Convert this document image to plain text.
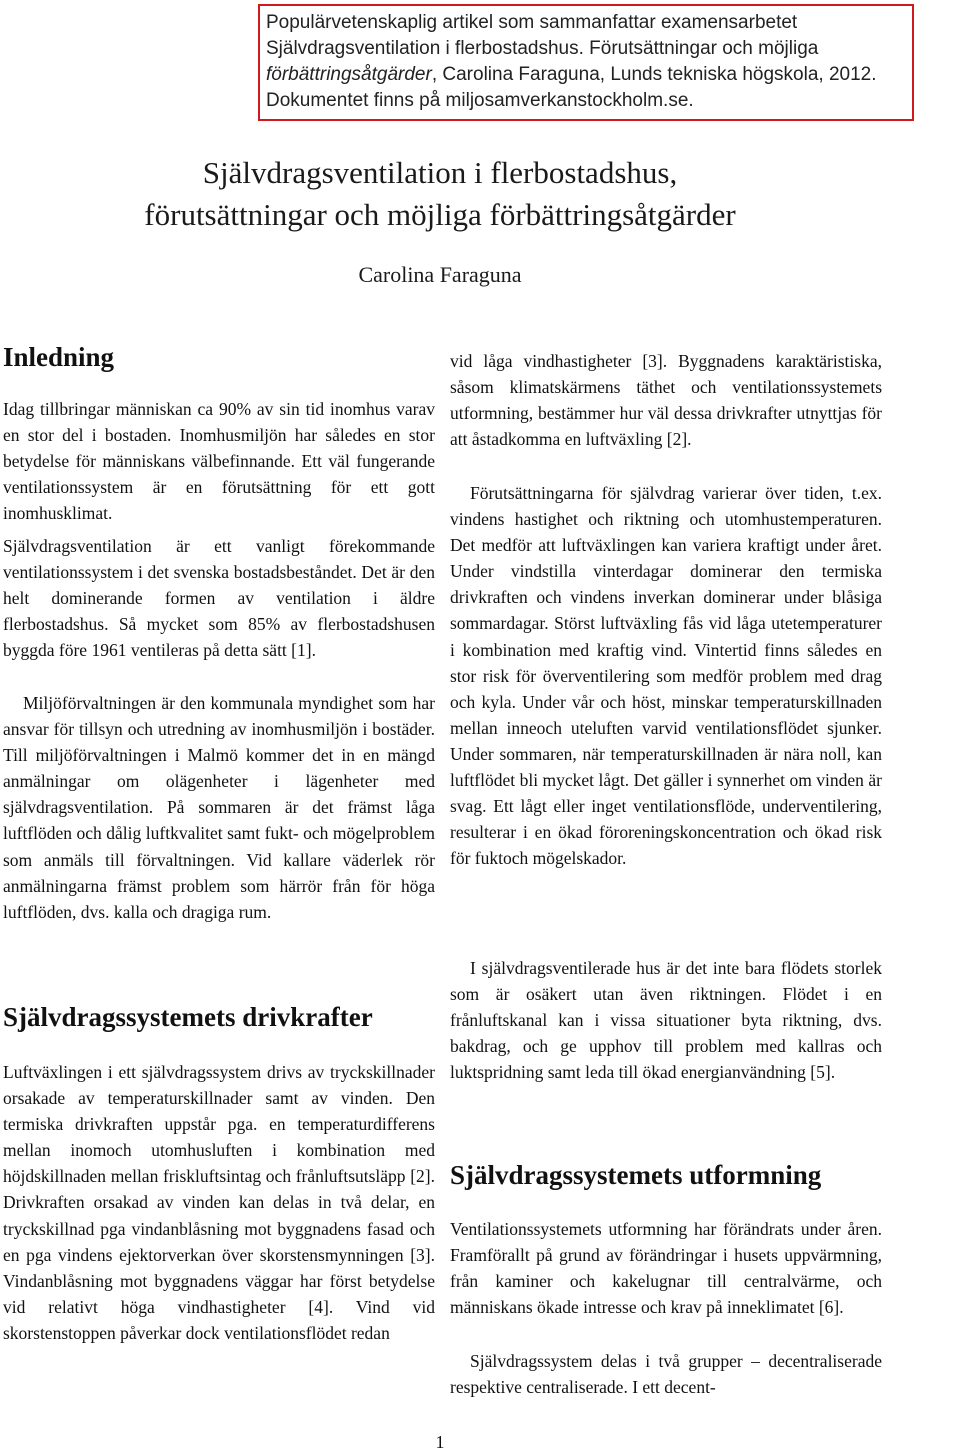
Populärvetenskaplig artikel som sammanfattar examensarbetet
Självdragsventilation i flerbostadshus. Förutsättningar och möjliga
förbättringsåtgärder, Carolina Faraguna, Lunds tekniska högskola, 2012.
Dokumentet finns på miljosamverkanstockholm.se.
Självdragsventilation i flerbostadshus,
förutsättningar och möjliga förbättringsåtgärder
Carolina Faraguna
Inledning

Idag tillbringar människan ca 90% av sin tid inomhus varav en stor del i bostaden. Inomhusmiljön har således en stor betydelse för människans välbefinnande. Ett väl fungerande ventilationssystem är en förutsättning för ett gott inomhusklimat.

Självdragsventilation är ett vanligt förekommande ventilationssystem i det svenska bostadsbeståndet. Det är den helt dominerande formen av ventilation i äldre flerbostadshus. Så mycket som 85% av flerbostadshusen byggda före 1961 ventileras på detta sätt [1].

Miljöförvaltningen är den kommunala myndighet som har ansvar för tillsyn och utredning av inomhusmiljön i bostäder. Till miljöförvaltningen i Malmö kommer det in en mängd anmälningar om olägenheter i lägenheter med självdragsventilation. På sommaren är det främst låga luftflöden och dålig luftkvalitet samt fukt- och mögelproblem som anmäls till förvaltningen. Vid kallare väderlek rör anmälningarna främst problem som härrör från för höga luftflöden, dvs. kalla och dragiga rum.

Självdragssystemets drivkrafter

Luftväxlingen i ett självdragssystem drivs av tryckskillnader orsakade av temperaturskillnader samt av vinden. Den termiska drivkraften uppstår pga. en temperaturdifferens mellan inomoch utomhusluften i kombination med höjdskillnaden mellan friskluftsintag och frånluftsutsläpp [2]. Drivkraften orsakad av vinden kan delas in två delar, en tryckskillnad pga vindanblåsning mot byggnadens fasad och en pga vindens ejektorverkan över skorstensmynningen [3]. Vindanblåsning mot byggnadens väggar har först betydelse vid relativt höga vindhastigheter [4]. Vind vid skorstenstoppen påverkar dock ventilationsflödet redan

vid låga vindhastigheter [3]. Byggnadens karaktäristiska, såsom klimatskärmens täthet och ventilationssystemets utformning, bestämmer hur väl dessa drivkrafter utnyttjas för att åstadkomma en luftväxling [2].

Förutsättningarna för självdrag varierar över tiden, t.ex. vindens hastighet och riktning och utomhustemperaturen. Det medför att luftväxlingen kan variera kraftigt under året. Under vindstilla vinterdagar dominerar den termiska drivkraften och vindens inverkan dominerar under blåsiga sommardagar. Störst luftväxling fås vid låga utetemperaturer i kombination med kraftig vind. Vintertid finns således en stor risk för överventilering som medför problem med drag och kyla. Under vår och höst, minskar temperaturskillnaden mellan inneoch uteluften varvid ventilationsflödet sjunker. Under sommaren, när temperaturskillnaden är nära noll, kan luftflödet bli mycket lågt. Det gäller i synnerhet om vinden är svag. Ett lågt eller inget ventilationsflöde, underventilering, resulterar i en ökad föroreningskoncentration och ökad risk för fuktoch mögelskador.

I självdragsventilerade hus är det inte bara flödets storlek som är osäkert utan även riktningen. Flödet i en frånluftskanal kan i vissa situationer byta riktning, dvs. bakdrag, och ge upphov till problem med kallras och luktspridning samt leda till ökad energianvändning [5].

Självdragssystemets utformning

Ventilationssystemets utformning har förändrats under åren. Framförallt på grund av förändringar i husets uppvärmning, från kaminer och kakelugnar till centralvärme, och människans ökade intresse och krav på inneklimatet [6].

Självdragssystem delas i två grupper – decentraliserade respektive centraliserade. I ett decent-

1
